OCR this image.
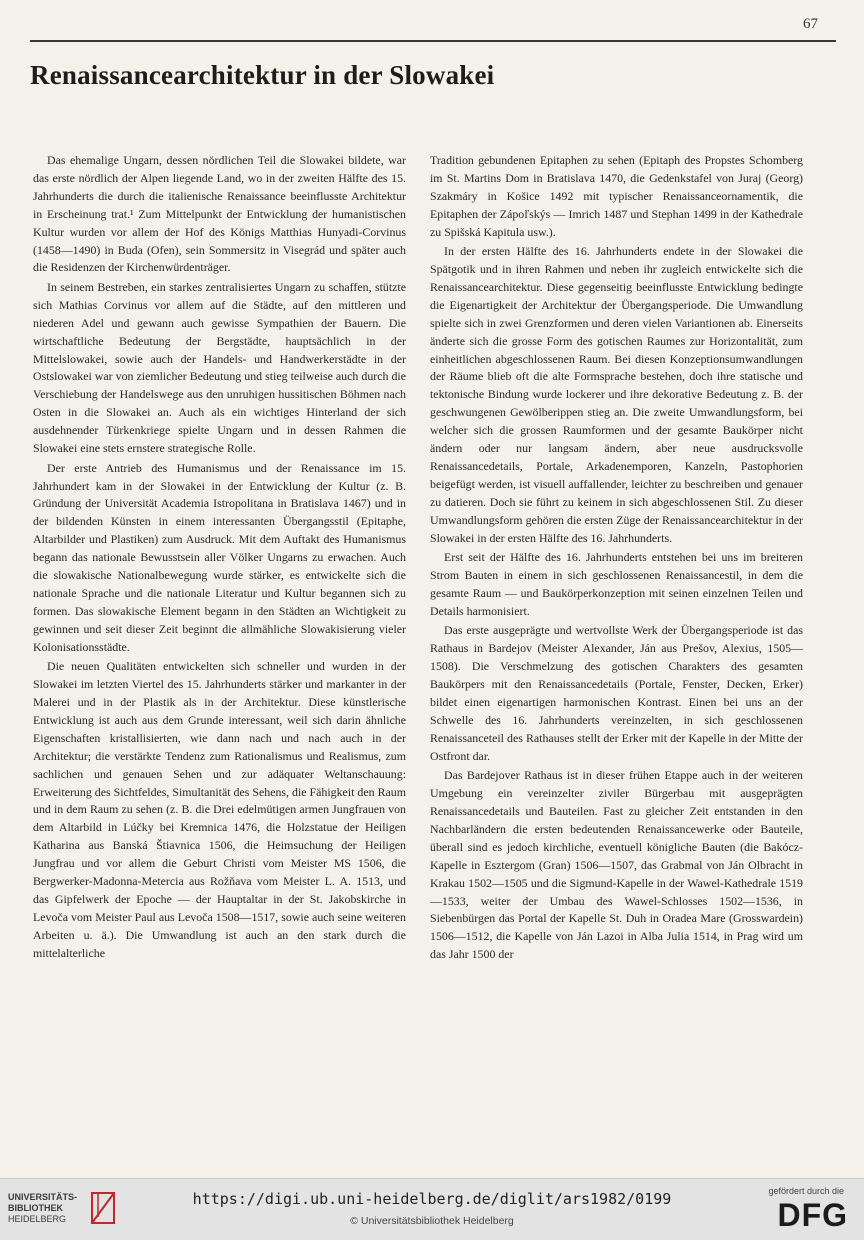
67
Renaissancearchitektur in der Slowakei

Das ehemalige Ungarn, dessen nördlichen Teil die Slowakei bildete, war das erste nördlich der Alpen liegende Land, wo in der zweiten Hälfte des 15. Jahrhunderts die durch die italienische Renaissance beeinflusste Architektur in Erscheinung trat.¹ Zum Mittelpunkt der Entwicklung der humanistischen Kultur wurden vor allem der Hof des Königs Matthias Hunyadi-Corvinus (1458—1490) in Buda (Ofen), sein Sommersitz in Visegrád und später auch die Residenzen der Kirchenwürdenträger.

In seinem Bestreben, ein starkes zentralisiertes Ungarn zu schaffen, stützte sich Mathias Corvinus vor allem auf die Städte, auf den mittleren und niederen Adel und gewann auch gewisse Sympathien der Bauern. Die wirtschaftliche Bedeutung der Bergstädte, hauptsächlich in der Mittelslowakei, sowie auch der Handels- und Handwerkerstädte in der Ostslowakei war von ziemlicher Bedeutung und stieg teilweise auch durch die Verschiebung der Handelswege aus den unruhigen hussitischen Böhmen nach Osten in die Slowakei an. Auch als ein wichtiges Hinterland der sich ausdehnender Türkenkriege spielte Ungarn und in dessen Rahmen die Slowakei eine stets ernstere strategische Rolle.

Der erste Antrieb des Humanismus und der Renaissance im 15. Jahrhundert kam in der Slowakei in der Entwicklung der Kultur (z. B. Gründung der Universität Academia Istropolitana in Bratislava 1467) und in der bildenden Künsten in einem interessanten Übergangsstil (Epitaphe, Altarbilder und Plastiken) zum Ausdruck. Mit dem Auftakt des Humanismus begann das nationale Bewusstsein aller Völker Ungarns zu erwachen. Auch die slowakische Nationalbewegung wurde stärker, es entwickelte sich die nationale Sprache und die nationale Literatur und Kultur begannen sich zu formen. Das slowakische Element begann in den Städten an Wichtigkeit zu gewinnen und seit dieser Zeit beginnt die allmähliche Slowakisierung vieler Kolonisationsstädte.

Die neuen Qualitäten entwickelten sich schneller und wurden in der Slowakei im letzten Viertel des 15. Jahrhunderts stärker und markanter in der Malerei und in der Plastik als in der Architektur. Diese künstlerische Entwicklung ist auch aus dem Grunde interessant, weil sich darin ähnliche Eigenschaften kristallisierten, wie dann nach und nach auch in der Architektur; die verstärkte Tendenz zum Rationalismus und Realismus, zum sachlichen und genauen Sehen und zur adäquater Weltanschauung: Erweiterung des Sichtfeldes, Simultanität des Sehens, die Fähigkeit den Raum und in dem Raum zu sehen (z. B. die Drei edelmütigen armen Jungfrauen von dem Altarbild in Lúčky bei Kremnica 1476, die Holzstatue der Heiligen Katharina aus Banská Štiavnica 1506, die Heimsuchung der Heiligen Jungfrau und vor allem die Geburt Christi vom Meister MS 1506, die Bergwerker-Madonna-Metercia aus Rožňava vom Meister L. A. 1513, und das Gipfelwerk der Epoche — der Hauptaltar in der St. Jakobskirche in Levoča vom Meister Paul aus Levoča 1508—1517, sowie auch seine weiteren Arbeiten u. ä.). Die Umwandlung ist auch an den stark durch die mittelalterliche

Tradition gebundenen Epitaphen zu sehen (Epitaph des Propstes Schomberg im St. Martins Dom in Bratislava 1470, die Gedenkstafel von Juraj (Georg) Szakmáry in Košice 1492 mit typischer Renaissanceornamentik, die Epitaphen der Zápoľskýs — Imrich 1487 und Stephan 1499 in der Kathedrale zu Spišská Kapitula usw.).

In der ersten Hälfte des 16. Jahrhunderts endete in der Slowakei die Spätgotik und in ihren Rahmen und neben ihr zugleich entwickelte sich die Renaissancearchitektur. Diese gegenseitig beeinflusste Entwicklung bedingte die Eigenartigkeit der Architektur der Übergangsperiode. Die Umwandlung spielte sich in zwei Grenzformen und deren vielen Variantionen ab. Einerseits änderte sich die grosse Form des gotischen Raumes zur Horizontalität, zum einheitlichen abgeschlossenen Raum. Bei diesen Konzeptionsumwandlungen der Räume blieb oft die alte Formsprache bestehen, doch ihre statische und tektonische Bindung wurde lockerer und ihre dekorative Bedeutung z. B. der geschwungenen Gewölberippen stieg an. Die zweite Umwandlungsform, bei welcher sich die grossen Raumformen und der gesamte Baukörper nicht ändern oder nur langsam ändern, aber neue ausdrucksvolle Renaissancedetails, Portale, Arkadenemporen, Kanzeln, Pastophorien beigefügt werden, ist visuell auffallender, leichter zu beschreiben und genauer zu datieren. Doch sie führt zu keinem in sich abgeschlossenen Stil. Zu dieser Umwandlungsform gehören die ersten Züge der Renaissancearchitektur in der Slowakei in der ersten Hälfte des 16. Jahrhunderts.

Erst seit der Hälfte des 16. Jahrhunderts entstehen bei uns im breiteren Strom Bauten in einem in sich geschlossenen Renaissancestil, in dem die gesamte Raum — und Baukörperkonzeption mit seinen einzelnen Teilen und Details harmonisiert.

Das erste ausgeprägte und wertvollste Werk der Übergangsperiode ist das Rathaus in Bardejov (Meister Alexander, Ján aus Prešov, Alexius, 1505—1508). Die Verschmelzung des gotischen Charakters des gesamten Baukörpers mit den Renaissancedetails (Portale, Fenster, Decken, Erker) bildet einen eigenartigen harmonischen Kontrast. Einen bei uns an der Schwelle des 16. Jahrhunderts vereinzelten, in sich geschlossenen Renaissanceteil des Rathauses stellt der Erker mit der Kapelle in der Mitte der Ostfront dar.

Das Bardejover Rathaus ist in dieser frühen Etappe auch in der weiteren Umgebung ein vereinzelter ziviler Bürgerbau mit ausgeprägten Renaissancedetails und Bauteilen. Fast zu gleicher Zeit entstanden in den Nachbarländern die ersten bedeutenden Renaissancewerke oder Bauteile, überall sind es jedoch kirchliche, eventuell königliche Bauten (die Bakócz-Kapelle in Esztergom (Gran) 1506—1507, das Grabmal von Ján Olbracht in Krakau 1502—1505 und die Sigmund-Kapelle in der Wawel-Kathedrale 1519—1533, weiter der Umbau des Wawel-Schlosses 1502—1536, in Siebenbürgen das Portal der Kapelle St. Duh in Oradea Mare (Grosswardein) 1506—1512, die Kapelle von Ján Lazoi in Alba Julia 1514, in Prag wird um das Jahr 1500 der

UNIVERSITÄTS-
BIBLIOTHEK
HEIDELBERG
https://digi.ub.uni-heidelberg.de/diglit/ars1982/0199
© Universitätsbibliothek Heidelberg
gefördert durch die
DFG
